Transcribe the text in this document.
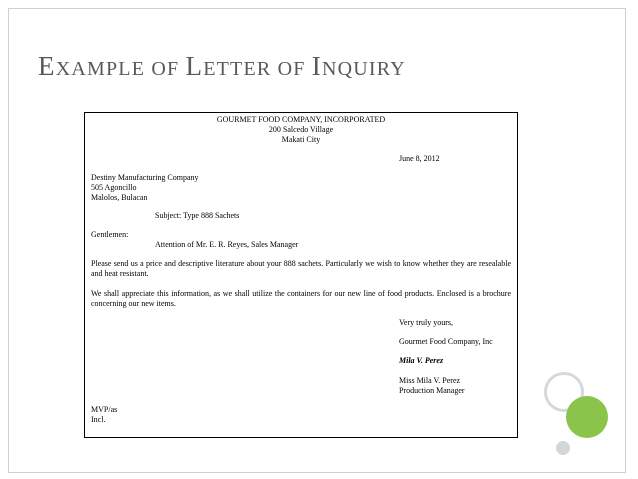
EXAMPLE OF LETTER OF INQUIRY
GOURMET FOOD COMPANY, INCORPORATED
200 Salcedo Village
Makati City
June 8, 2012
Destiny Manufacturing Company
505 Agoncillo
Malolos, Bulacan
Subject: Type 888 Sachets
Gentlemen:
Attention of Mr. E. R. Reyes, Sales Manager
Please send us a price and descriptive literature about your 888 sachets. Particularly we wish to know whether they are resealable and heat resistant.
We shall appreciate this information, as we shall utilize the containers for our new line of food products. Enclosed is a brochure concerning our new items.
Very truly yours,
Gourmet Food Company, Inc
Mila V. Perez
Miss Mila V. Perez
Production Manager
MVP/as
Incl.
